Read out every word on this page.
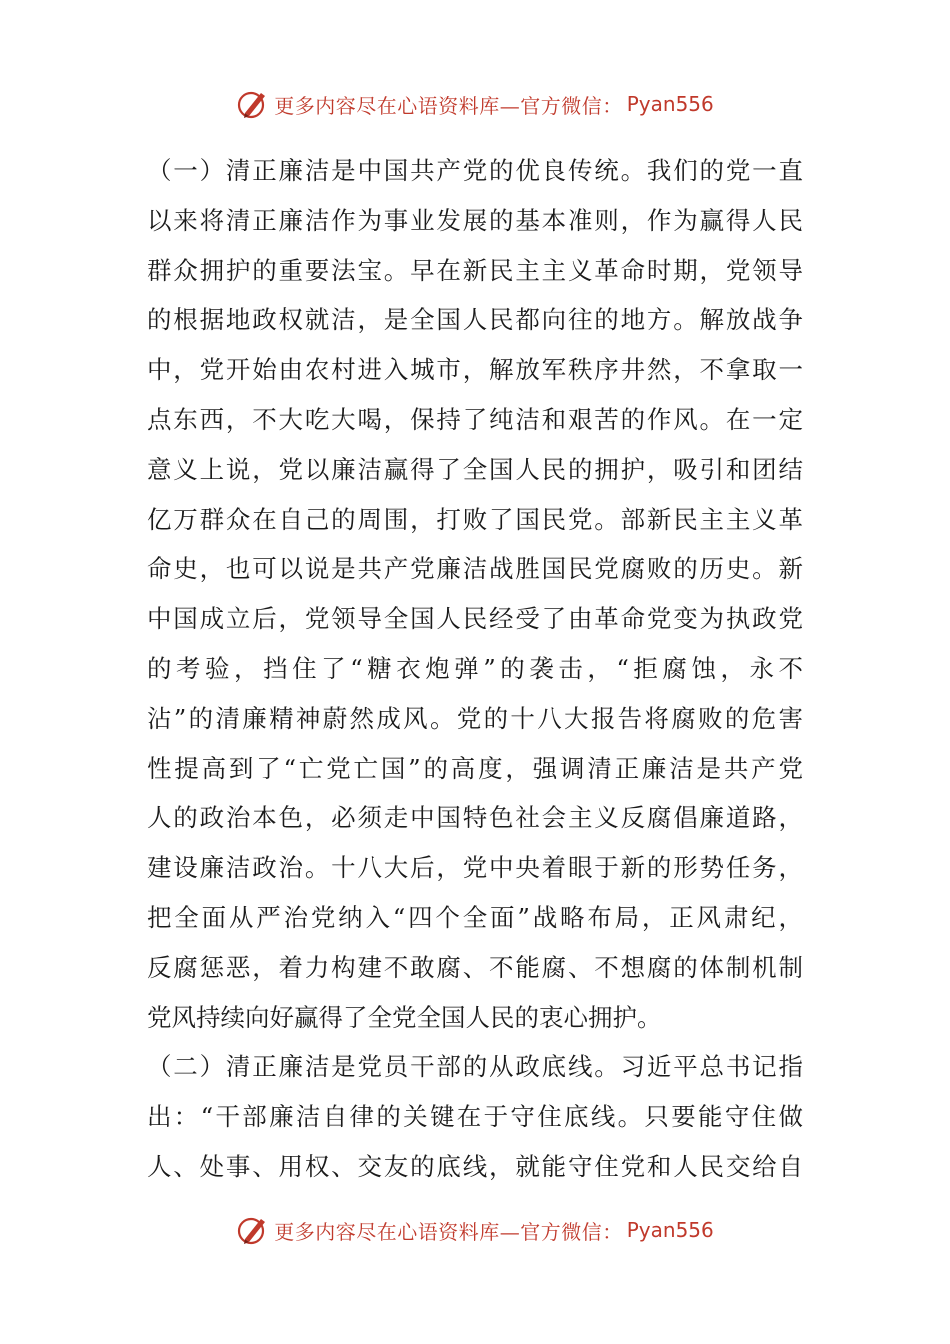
更多内容尽在心语资料库—官方微信： Pyan556
（一）清正廉洁是中国共产党的优良传统。我们的党一直
以来将清正廉洁作为事业发展的基本准则，作为赢得人民
群众拥护的重要法宝。早在新民主主义革命时期，党领导
的根据地政权就洁，是全国人民都向往的地方。解放战争
中，党开始由农村进入城市，解放军秩序井然，不拿取一
点东西，不大吃大喝，保持了纯洁和艰苦的作风。在一定
意义上说，党以廉洁赢得了全国人民的拥护，吸引和团结
亿万群众在自己的周围，打败了国民党。部新民主主义革
命史，也可以说是共产党廉洁战胜国民党腐败的历史。新
中国成立后，党领导全国人民经受了由革命党变为执政党
的考验，挡住了“糖衣炮弹”的袭击，“拒腐蚀，永不
沾”的清廉精神蔚然成风。党的十八大报告将腐败的危害
性提高到了“亡党亡国”的高度，强调清正廉洁是共产党
人的政治本色，必须走中国特色社会主义反腐倡廉道路，
建设廉洁政治。十八大后，党中央着眼于新的形势任务，
把全面从严治党纳入“四个全面”战略布局，正风肃纪，
反腐惩恶，着力构建不敢腐、不能腐、不想腐的体制机制
党风持续向好赢得了全党全国人民的衷心拥护。
（二）清正廉洁是党员干部的从政底线。习近平总书记指
出：“干部廉洁自律的关键在于守住底线。只要能守住做
人、处事、用权、交友的底线，就能守住党和人民交给自
更多内容尽在心语资料库—官方微信： Pyan556
